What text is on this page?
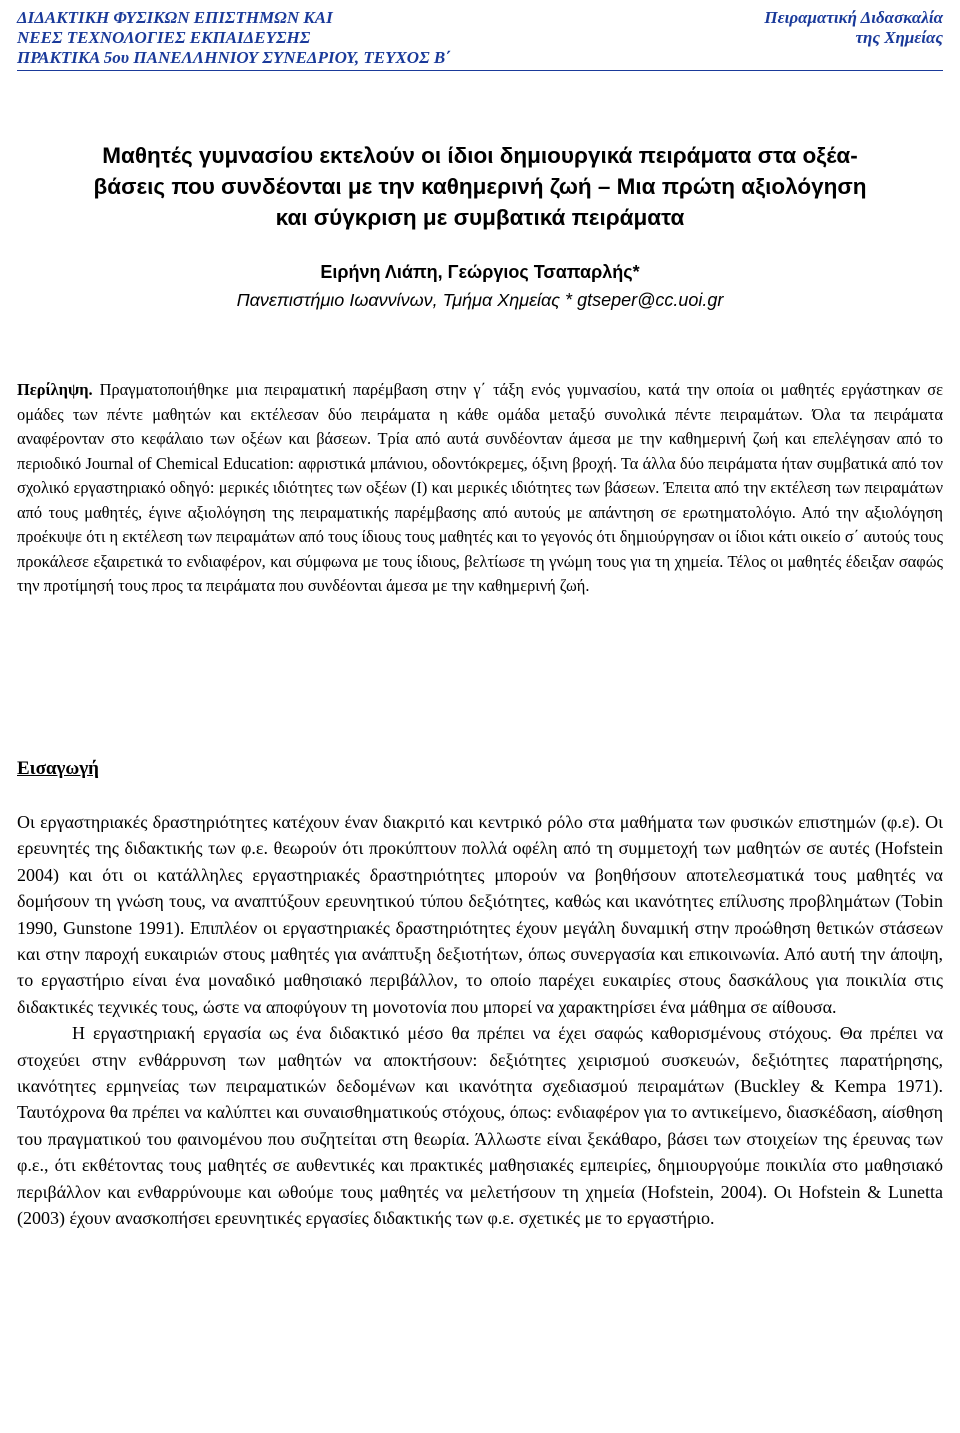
ΔΙΔΑΚΤΙΚΗ ΦΥΣΙΚΩΝ ΕΠΙΣΤΗΜΩΝ ΚΑΙ
ΝΕΕΣ ΤΕΧΝΟΛΟΓΙΕΣ ΕΚΠΑΙΔΕΥΣΗΣ
ΠΡΑΚΤΙΚΑ 5ου ΠΑΝΕΛΛΗΝΙΟΥ ΣΥΝΕΔΡΙΟΥ, ΤΕΥΧΟΣ Β΄
Πειραματική Διδασκαλία
της Χημείας
Μαθητές γυμνασίου εκτελούν οι ίδιοι δημιουργικά πειράματα στα οξέα-
βάσεις που συνδέονται με την καθημερινή ζωή – Μια πρώτη αξιολόγηση
και σύγκριση με συμβατικά πειράματα
Ειρήνη Λιάπη, Γεώργιος Τσαπαρλής*
Πανεπιστήμιο Ιωαννίνων, Τμήμα Χημείας * gtseper@cc.uoi.gr
Περίληψη. Πραγματοποιήθηκε μια πειραματική παρέμβαση στην γ΄ τάξη ενός γυμνασίου, κατά την οποία οι μαθητές εργάστηκαν σε ομάδες των πέντε μαθητών και εκτέλεσαν δύο πειράματα η κάθε ομάδα μεταξύ συνολικά πέντε πειραμάτων. Όλα τα πειράματα αναφέρονταν στο κεφάλαιο των οξέων και βάσεων. Τρία από αυτά συνδέονταν άμεσα με την καθημερινή ζωή και επελέγησαν από το περιοδικό Journal of Chemical Education: αφριστικά μπάνιου, οδοντόκρεμες, όξινη βροχή. Τα άλλα δύο πειράματα ήταν συμβατικά από τον σχολικό εργαστηριακό οδηγό: μερικές ιδιότητες των οξέων (Ι) και μερικές ιδιότητες των βάσεων. Έπειτα από την εκτέλεση των πειραμάτων από τους μαθητές, έγινε αξιολόγηση της πειραματικής παρέμβασης από αυτούς με απάντηση σε ερωτηματολόγιο. Από την αξιολόγηση προέκυψε ότι η εκτέλεση των πειραμάτων από τους ίδιους τους μαθητές και το γεγονός ότι δημιούργησαν οι ίδιοι κάτι οικείο σ΄ αυτούς τους προκάλεσε εξαιρετικά το ενδιαφέρον, και σύμφωνα με τους ίδιους, βελτίωσε τη γνώμη τους για τη χημεία. Τέλος οι μαθητές έδειξαν σαφώς την προτίμησή τους προς τα πειράματα που συνδέονται άμεσα με την καθημερινή ζωή.
Εισαγωγή

Οι εργαστηριακές δραστηριότητες κατέχουν έναν διακριτό και κεντρικό ρόλο στα μαθήματα των φυσικών επιστημών (φ.ε). Οι ερευνητές της διδακτικής των φ.ε. θεωρούν ότι προκύπτουν πολλά οφέλη από τη συμμετοχή των μαθητών σε αυτές (Hofstein 2004) και ότι οι κατάλληλες εργαστηριακές δραστηριότητες μπορούν να βοηθήσουν αποτελεσματικά τους μαθητές να δομήσουν τη γνώση τους, να αναπτύξουν ερευνητικού τύπου δεξιότητες, καθώς και ικανότητες επίλυσης προβλημάτων (Tobin 1990, Gunstone 1991). Επιπλέον οι εργαστηριακές δραστηριότητες έχουν μεγάλη δυναμική στην προώθηση θετικών στάσεων και στην παροχή ευκαιριών στους μαθητές για ανάπτυξη δεξιοτήτων, όπως συνεργασία και επικοινωνία. Από αυτή την άποψη, το εργαστήριο είναι ένα μοναδικό μαθησιακό περιβάλλον, το οποίο παρέχει ευκαιρίες στους δασκάλους για ποικιλία στις διδακτικές τεχνικές τους, ώστε να αποφύγουν τη μονοτονία που μπορεί να χαρακτηρίσει ένα μάθημα σε αίθουσα.

Η εργαστηριακή εργασία ως ένα διδακτικό μέσο θα πρέπει να έχει σαφώς καθορισμένους στόχους. Θα πρέπει να στοχεύει στην ενθάρρυνση των μαθητών να αποκτήσουν: δεξιότητες χειρισμού συσκευών, δεξιότητες παρατήρησης, ικανότητες ερμηνείας των πειραματικών δεδομένων και ικανότητα σχεδιασμού πειραμάτων (Buckley & Kempa 1971). Ταυτόχρονα θα πρέπει να καλύπτει και συναισθηματικούς στόχους, όπως: ενδιαφέρον για το αντικείμενο, διασκέδαση, αίσθηση του πραγματικού του φαινομένου που συζητείται στη θεωρία. Άλλωστε είναι ξεκάθαρο, βάσει των στοιχείων της έρευνας των φ.ε., ότι εκθέτοντας τους μαθητές σε αυθεντικές και πρακτικές μαθησιακές εμπειρίες, δημιουργούμε ποικιλία στο μαθησιακό περιβάλλον και ενθαρρύνουμε και ωθούμε τους μαθητές να μελετήσουν τη χημεία (Hofstein, 2004). Οι Hofstein & Lunetta (2003) έχουν ανασκοπήσει ερευνητικές εργασίες διδακτικής των φ.ε. σχετικές με το εργαστήριο.
